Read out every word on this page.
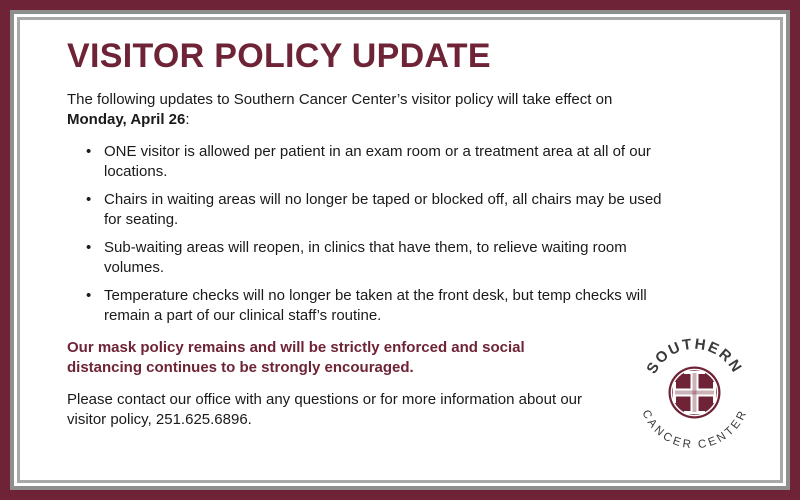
VISITOR POLICY UPDATE

The following updates to Southern Cancer Center’s visitor policy will take effect on
Monday, April 26:

• ONE visitor is allowed per patient in an exam room or a treatment area at all of our locations.
• Chairs in waiting areas will no longer be taped or blocked off, all chairs may be used for seating.
• Sub-waiting areas will reopen, in clinics that have them, to relieve waiting room volumes.
• Temperature checks will no longer be taken at the front desk, but temp checks will remain a part of our clinical staff’s routine.

Our mask policy remains and will be strictly enforced and social distancing continues to be strongly encouraged.

Please contact our office with any questions or for more information about our visitor policy, 251.625.6896.

SOUTHERN
CANCER CENTER
